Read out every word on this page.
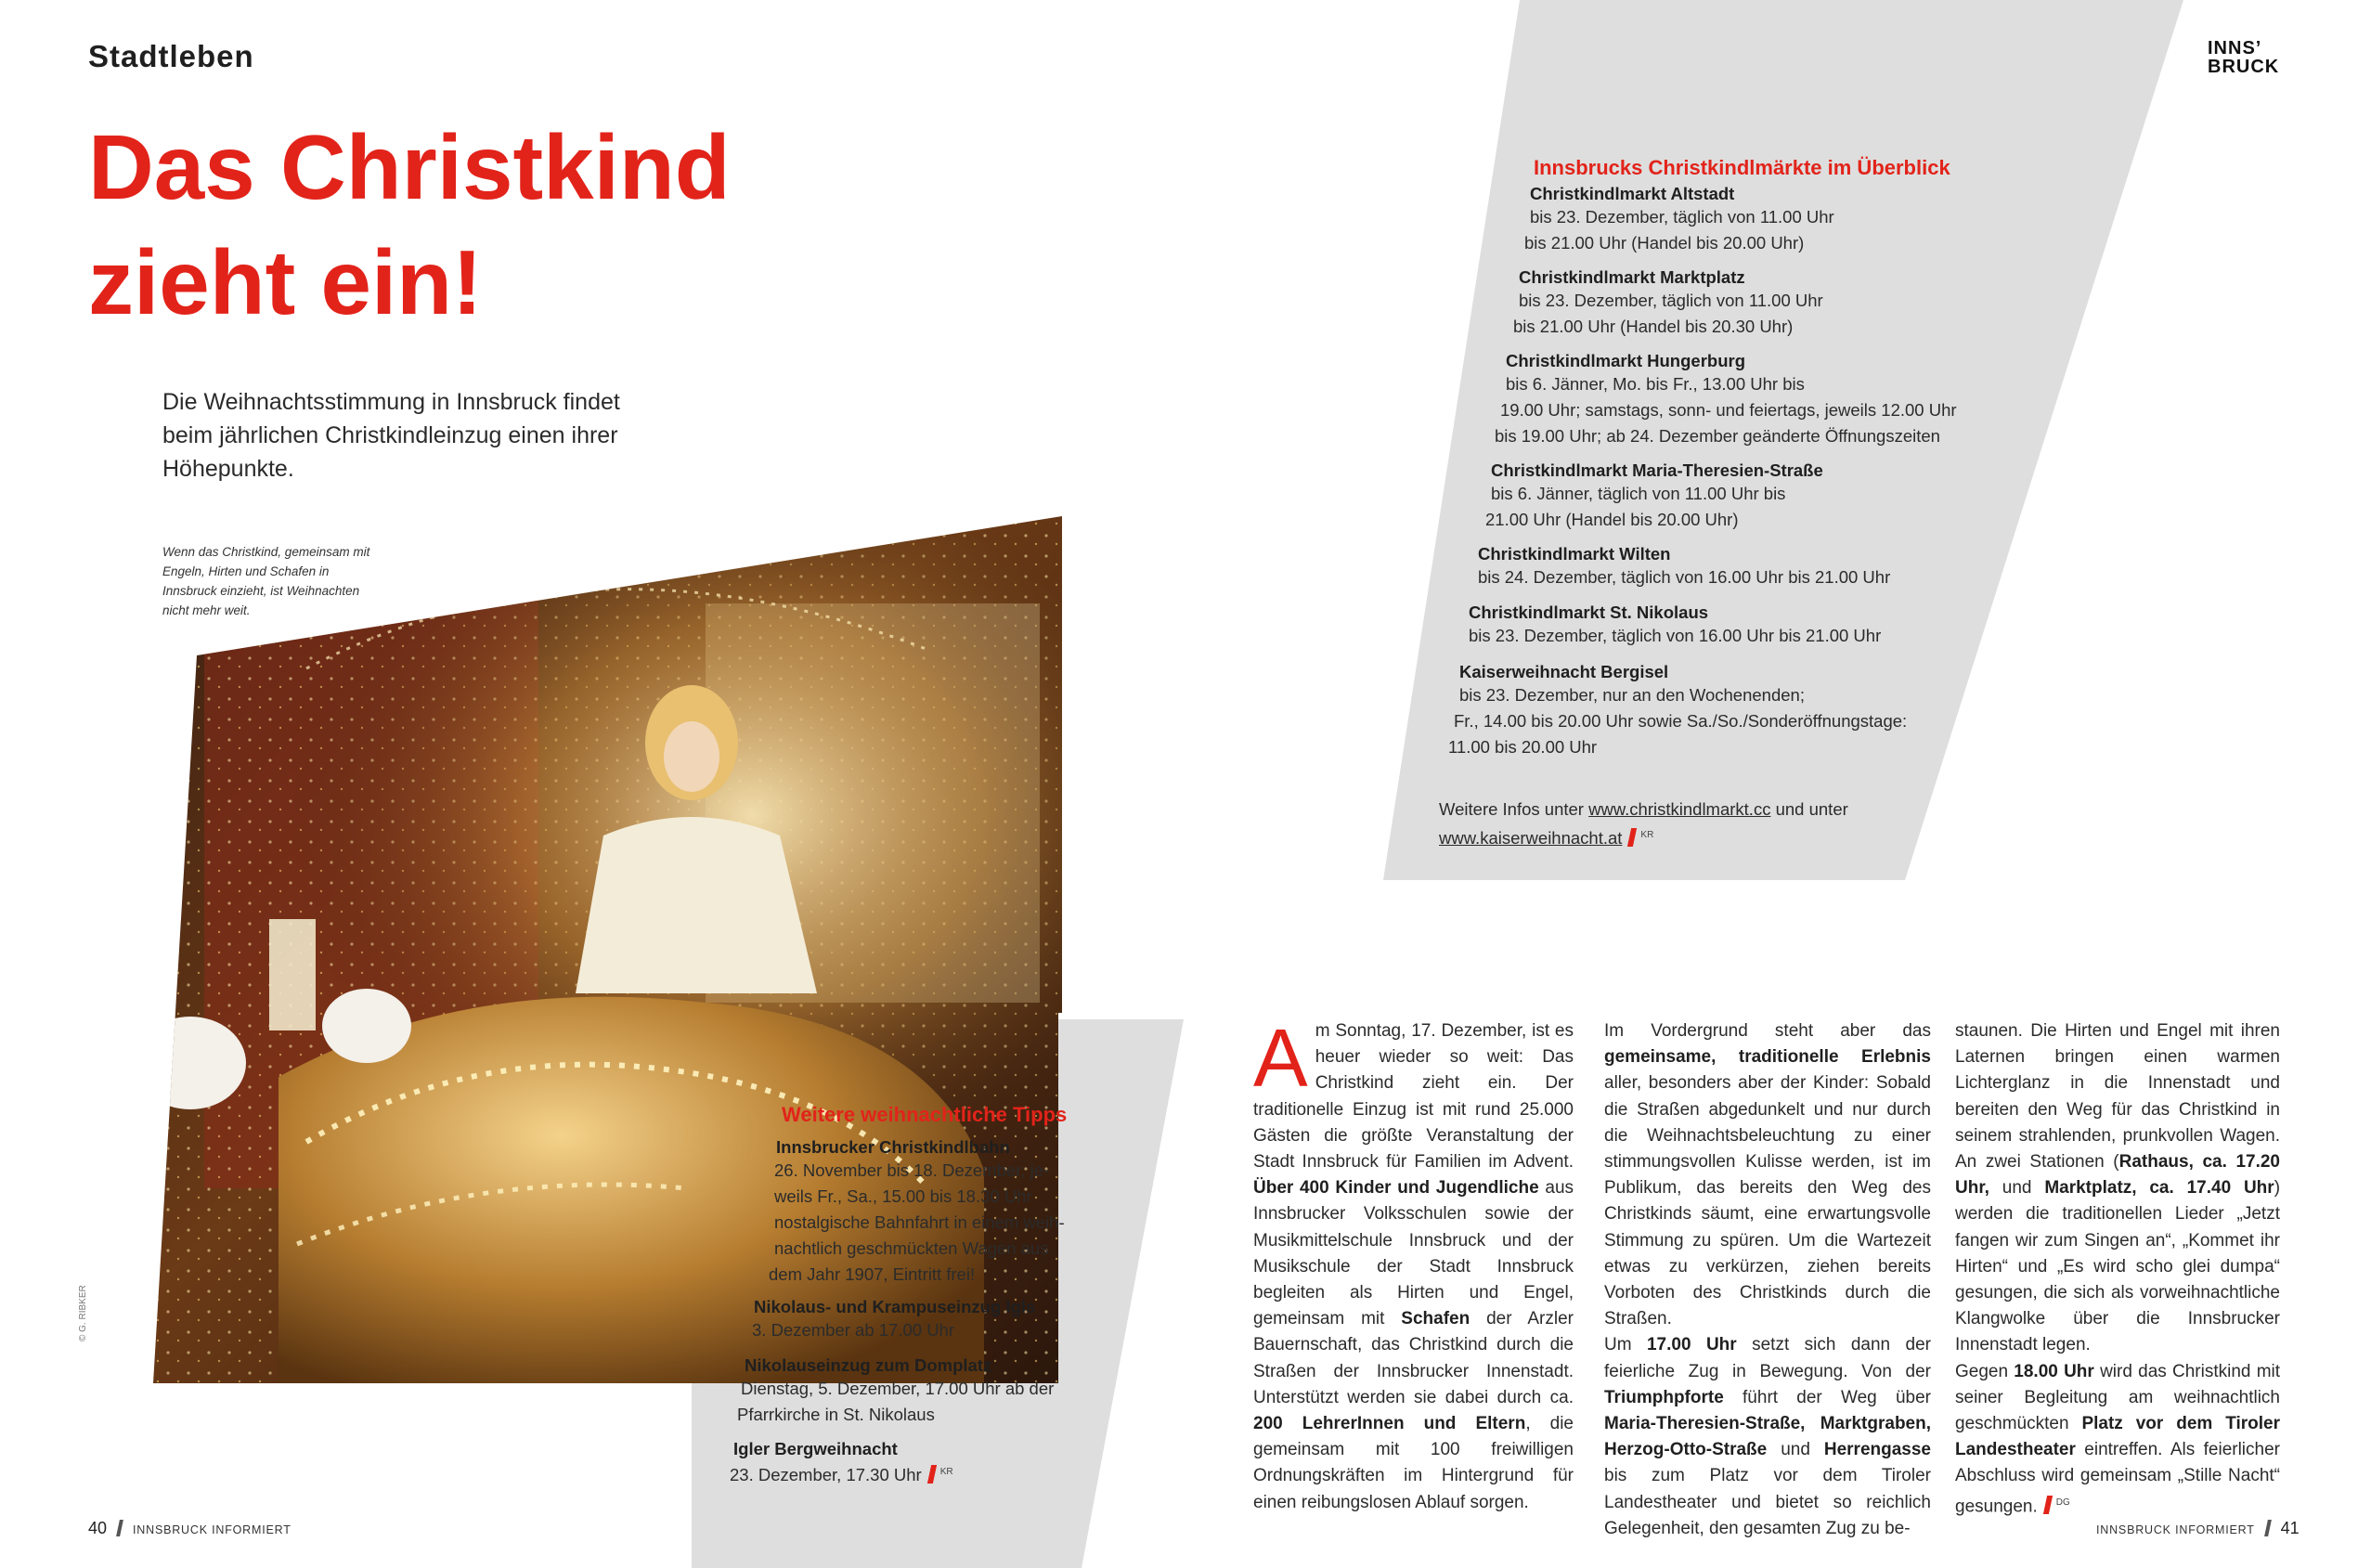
Stadtleben
Das Christkind
zieht ein!
Die Weihnachtsstimmung in Innsbruck findet beim jährlichen Christkindleinzug einen ihrer Höhepunkte.
Wenn das Christkind, gemeinsam mit Engeln, Hirten und Schafen in Innsbruck einzieht, ist Weihnachten nicht mehr weit.
© G. RIBKER
INNS’
BRUCK
Innsbrucks Christkindlmärkte im Überblick
Christkindlmarkt Altstadt
bis 23. Dezember, täglich von 11.00 Uhr
bis 21.00 Uhr (Handel bis 20.00 Uhr)
Christkindlmarkt Marktplatz
bis 23. Dezember, täglich von 11.00 Uhr
bis 21.00 Uhr (Handel bis 20.30 Uhr)
Christkindlmarkt Hungerburg
bis 6. Jänner, Mo. bis Fr., 13.00 Uhr bis
19.00 Uhr; samstags, sonn- und feiertags, jeweils 12.00 Uhr
bis 19.00 Uhr; ab 24. Dezember geänderte Öffnungszeiten
Christkindlmarkt Maria-Theresien-Straße
bis 6. Jänner, täglich von 11.00 Uhr bis
21.00 Uhr (Handel bis 20.00 Uhr)
Christkindlmarkt Wilten
bis 24. Dezember, täglich von 16.00 Uhr bis 21.00 Uhr
Christkindlmarkt St. Nikolaus
bis 23. Dezember, täglich von 16.00 Uhr bis 21.00 Uhr
Kaiserweihnacht Bergisel
bis 23. Dezember, nur an den Wochenenden;
Fr., 14.00 bis 20.00 Uhr sowie Sa./So./Sonderöffnungstage:
11.00 bis 20.00 Uhr
Weitere Infos unter www.christkindlmarkt.cc und unter
www.kaiserweihnacht.at $^{KR}$
Weitere weihnachtliche Tipps
Innsbrucker Christkindlbahn
26. November bis 18. Dezember, je-
weils Fr., Sa., 15.00 bis 18.30 Uhr
nostalgische Bahnfahrt in einem weih-
nachtlich geschmückten Wagen aus
dem Jahr 1907, Eintritt frei!
Nikolaus- und Krampuseinzug Igls
3. Dezember ab 17.00 Uhr
Nikolauseinzug zum Domplatz
Dienstag, 5. Dezember, 17.00 Uhr ab der
Pfarrkirche in St. Nikolaus
Igler Bergweihnacht
23. Dezember, 17.30 Uhr $^{KR}$
A m Sonntag, 17. Dezember, ist es heuer wieder so weit: Das Christkind zieht ein. Der traditionelle Einzug ist mit rund 25.000 Gästen die größte Veranstaltung der Stadt Innsbruck für Familien im Advent. Über 400 Kinder und Jugendliche aus Innsbrucker Volksschulen sowie der Musikmittelschule Innsbruck und der Musikschule der Stadt Innsbruck begleiten als Hirten und Engel, gemeinsam mit Schafen der Arzler Bauernschaft, das Christkind durch die Straßen der Innsbrucker Innenstadt. Unterstützt werden sie dabei durch ca. 200 LehrerInnen und Eltern, die gemeinsam mit 100 freiwilligen Ordnungskräften im Hintergrund für einen reibungslosen Ablauf sorgen.
Im Vordergrund steht aber das gemeinsame, traditionelle Erlebnis aller, besonders aber der Kinder: Sobald die Straßen abgedunkelt und nur durch die Weihnachtsbeleuchtung zu einer stimmungsvollen Kulisse werden, ist im Publikum, das bereits den Weg des Christkinds säumt, eine erwartungsvolle Stimmung zu spüren. Um die Wartezeit etwas zu verkürzen, ziehen bereits Vorboten des Christkinds durch die Straßen.
Um 17.00 Uhr setzt sich dann der feierliche Zug in Bewegung. Von der Triumphpforte führt der Weg über Maria-Theresien-Straße, Marktgraben, Herzog-Otto-Straße und Herrengasse bis zum Platz vor dem Tiroler Landestheater und bietet so reichlich Gelegenheit, den gesamten Zug zu be-
staunen. Die Hirten und Engel mit ihren Laternen bringen einen warmen Lichterglanz in die Innenstadt und bereiten den Weg für das Christkind in seinem strahlenden, prunkvollen Wagen. An zwei Stationen (Rathaus, ca. 17.20 Uhr, und Marktplatz, ca. 17.40 Uhr) werden die traditionellen Lieder „Jetzt fangen wir zum Singen an“, „Kommet ihr Hirten“ und „Es wird scho glei dumpa“ gesungen, die sich als vorweihnachtliche Klangwolke über die Innsbrucker Innenstadt legen.
Gegen 18.00 Uhr wird das Christkind mit seiner Begleitung am weihnachtlich geschmückten Platz vor dem Tiroler Landestheater eintreffen. Als feierlicher Abschluss wird gemeinsam „Stille Nacht“ gesungen. $^{DG}$
40 INNSBRUCK INFORMIERT	INNSBRUCK INFORMIERT 41
